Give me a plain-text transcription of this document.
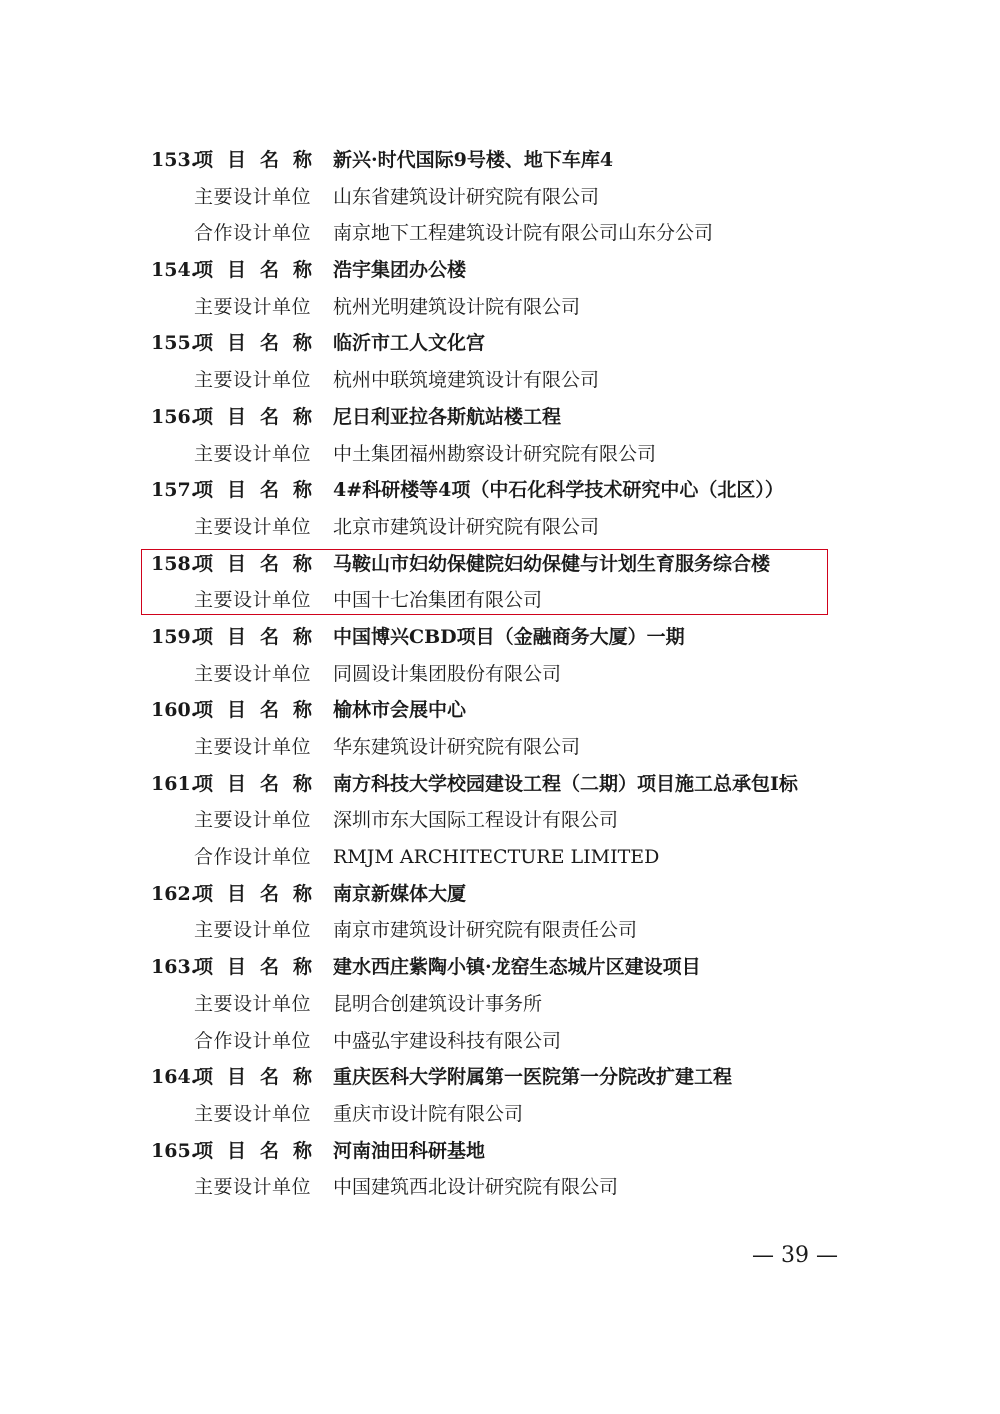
153.
项目名称 新兴·时代国际9号楼、地下车库4
主要设计单位 山东省建筑设计研究院有限公司
合作设计单位 南京地下工程建筑设计院有限公司山东分公司
154.
项目名称 浩宇集团办公楼
主要设计单位 杭州光明建筑设计院有限公司
155.
项目名称 临沂市工人文化宫
主要设计单位 杭州中联筑境建筑设计有限公司
156.
项目名称 尼日利亚拉各斯航站楼工程
主要设计单位 中土集团福州勘察设计研究院有限公司
157.
项目名称 4#科研楼等4项（中石化科学技术研究中心（北区））
主要设计单位 北京市建筑设计研究院有限公司
158.
项目名称 马鞍山市妇幼保健院妇幼保健与计划生育服务综合楼
主要设计单位 中国十七冶集团有限公司
159.
项目名称 中国博兴CBD项目（金融商务大厦）一期
主要设计单位 同圆设计集团股份有限公司
160.
项目名称 榆林市会展中心
主要设计单位 华东建筑设计研究院有限公司
161.
项目名称 南方科技大学校园建设工程（二期）项目施工总承包Ⅰ标
主要设计单位 深圳市东大国际工程设计有限公司
合作设计单位 RMJM ARCHITECTURE LIMITED
162.
项目名称 南京新媒体大厦
主要设计单位 南京市建筑设计研究院有限责任公司
163.
项目名称 建水西庄紫陶小镇·龙窑生态城片区建设项目
主要设计单位 昆明合创建筑设计事务所
合作设计单位 中盛弘宇建设科技有限公司
164.
项目名称 重庆医科大学附属第一医院第一分院改扩建工程
主要设计单位 重庆市设计院有限公司
165.
项目名称 河南油田科研基地
主要设计单位 中国建筑西北设计研究院有限公司
— 39 —
